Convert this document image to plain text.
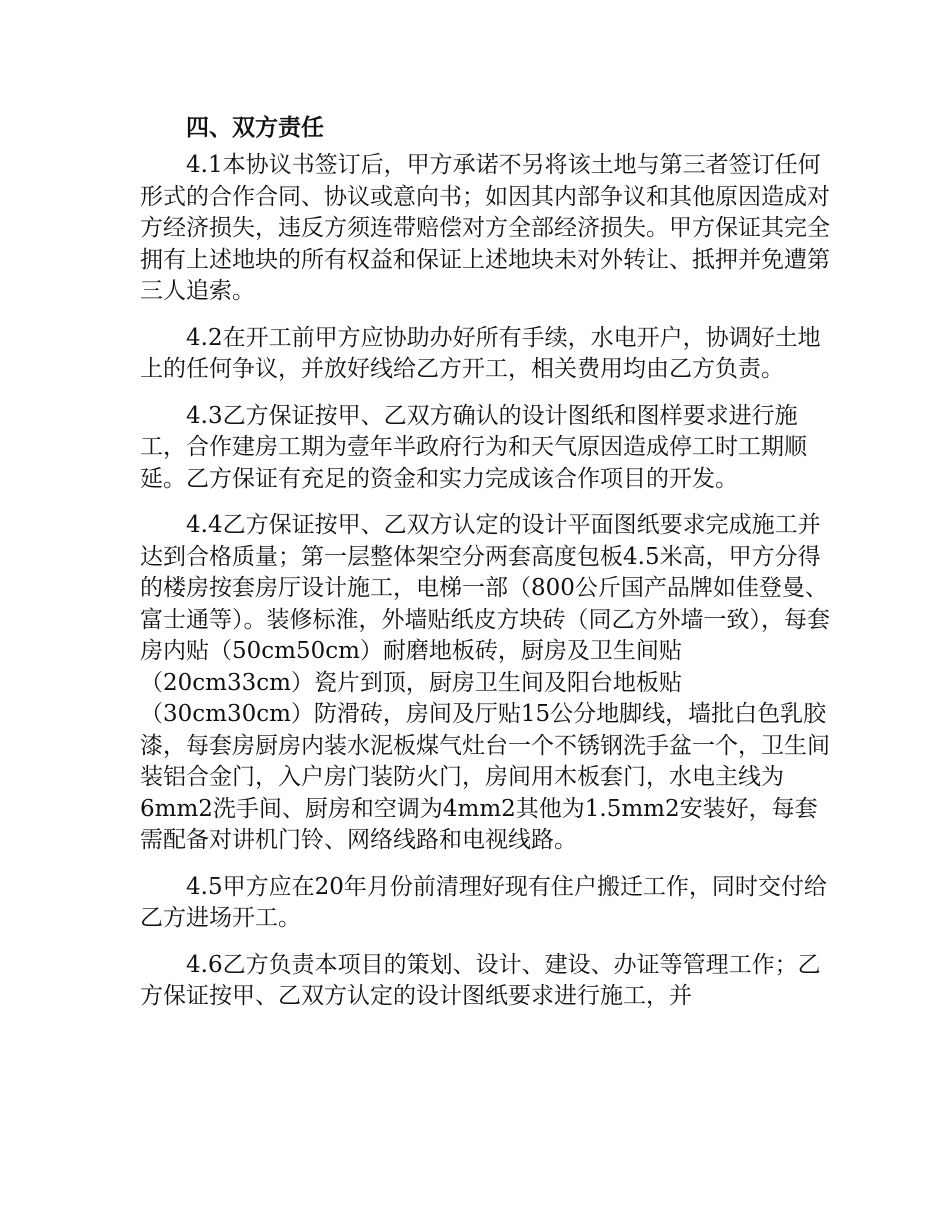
四、双方责任

4.1本协议书签订后，甲方承诺不另将该土地与第三者签订任何形式的合作合同、协议或意向书；如因其内部争议和其他原因造成对方经济损失，违反方须连带赔偿对方全部经济损失。甲方保证其完全拥有上述地块的所有权益和保证上述地块未对外转让、抵押并免遭第三人追索。

4.2在开工前甲方应协助办好所有手续，水电开户，协调好土地上的任何争议，并放好线给乙方开工，相关费用均由乙方负责。

4.3乙方保证按甲、乙双方确认的设计图纸和图样要求进行施工，合作建房工期为壹年半政府行为和天气原因造成停工时工期顺延。乙方保证有充足的资金和实力完成该合作项目的开发。

4.4乙方保证按甲、乙双方认定的设计平面图纸要求完成施工并达到合格质量；第一层整体架空分两套高度包板4.5米高，甲方分得的楼房按套房厅设计施工，电梯一部（800公斤国产品牌如佳登曼、富士通等）。装修标淮，外墙贴纸皮方块砖（同乙方外墙一致），每套房内贴（50cm50cm）耐磨地板砖，厨房及卫生间贴（20cm33cm）瓷片到顶，厨房卫生间及阳台地板贴（30cm30cm）防滑砖，房间及厅贴15公分地脚线，墙批白色乳胶漆，每套房厨房内装水泥板煤气灶台一个不锈钢洗手盆一个，卫生间装铝合金门，入户房门装防火门，房间用木板套门，水电主线为6mm2洗手间、厨房和空调为4mm2其他为1.5mm2安装好，每套需配备对讲机门铃、网络线路和电视线路。

4.5甲方应在20年月份前清理好现有住户搬迁工作，同时交付给乙方进场开工。

4.6乙方负责本项目的策划、设计、建设、办证等管理工作；乙方保证按甲、乙双方认定的设计图纸要求进行施工，并
